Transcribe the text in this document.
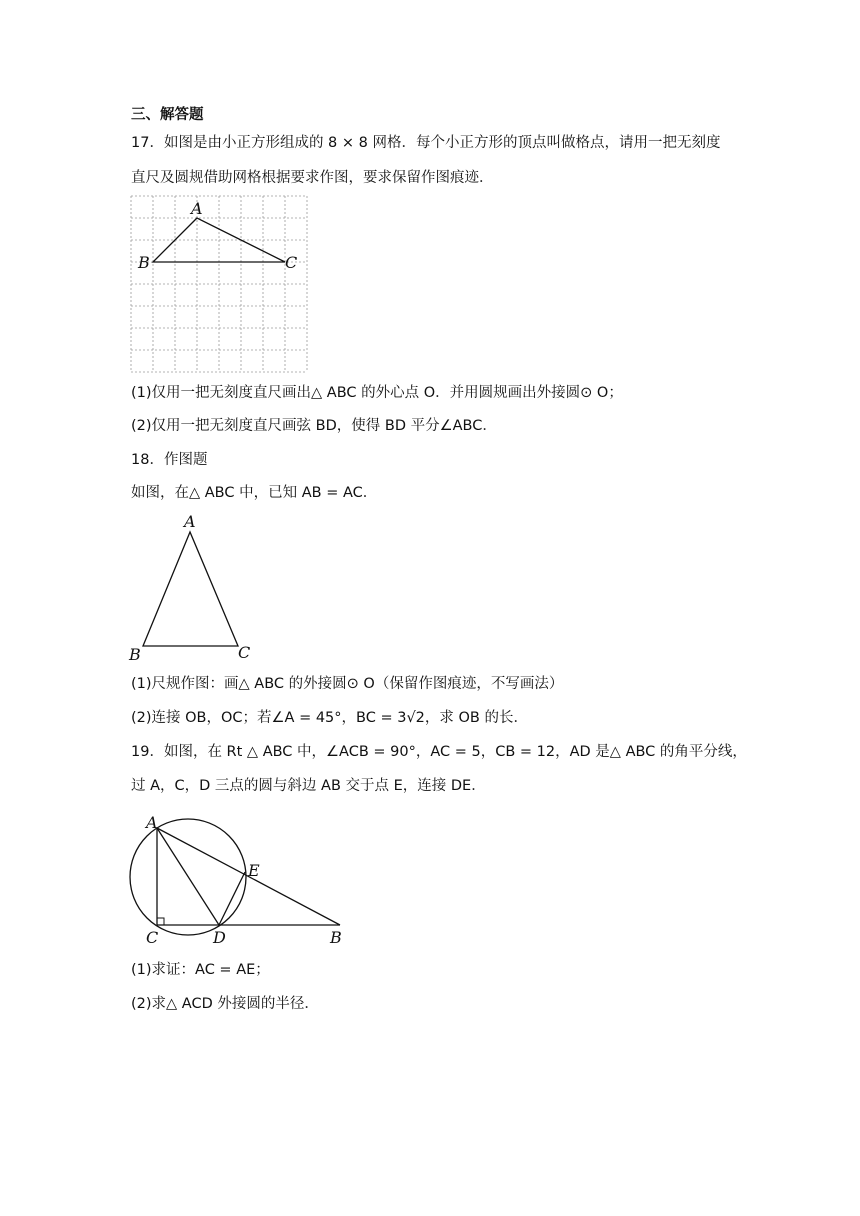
三、解答题
17．如图是由小正方形组成的 8 × 8 网格．每个小正方形的顶点叫做格点，请用一把无刻度
直尺及圆规借助网格根据要求作图，要求保留作图痕迹．
A
B	C
(1)仅用一把无刻度直尺画出△ ABC 的外心点 O．并用圆规画出外接圆⊙ O；
(2)仅用一把无刻度直尺画弦 BD，使得 BD 平分∠ABC．
18．作图题
如图，在△ ABC 中，已知 AB = AC．
A
B	C
(1)尺规作图：画△ ABC 的外接圆⊙ O（保留作图痕迹，不写画法）
(2)连接 OB，OC；若∠A = 45°，BC = 3√2，求 OB 的长．
19．如图，在 Rt △ ABC 中，∠ACB = 90°，AC = 5，CB = 12，AD 是△ ABC 的角平分线，
过 A，C，D 三点的圆与斜边 AB 交于点 E，连接 DE．
A
C	D
E
B
(1)求证：AC = AE；
(2)求△ ACD 外接圆的半径．
